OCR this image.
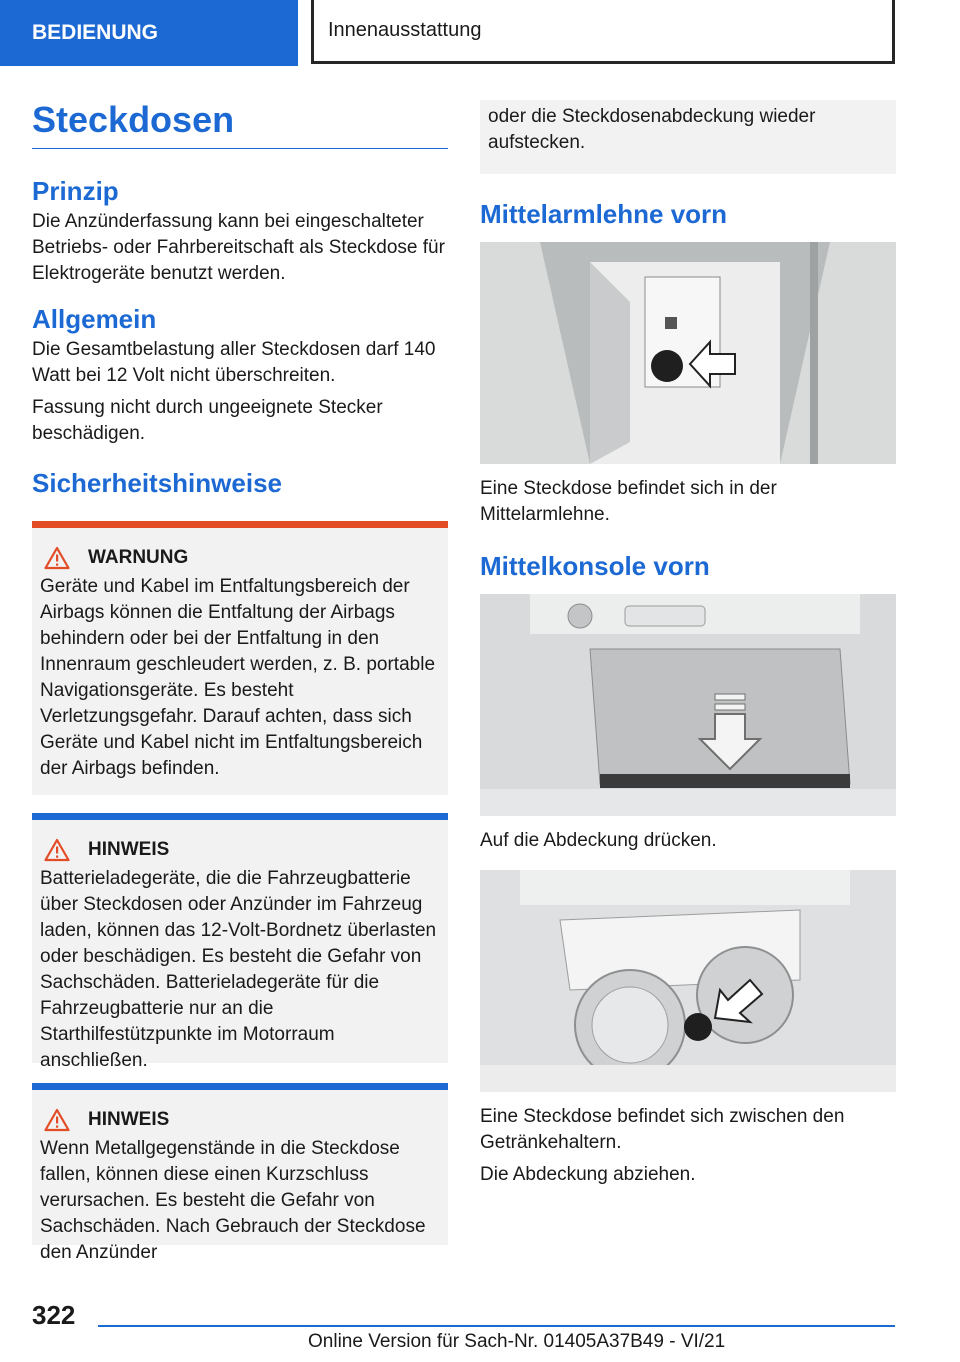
BEDIENUNG	Innenausstattung
Steckdosen
Prinzip

Die Anzünderfassung kann bei eingeschalteter Betriebs- oder Fahrbereitschaft als Steckdose für Elektrogeräte benutzt werden.

Allgemein

Die Gesamtbelastung aller Steckdosen darf 140 Watt bei 12 Volt nicht überschreiten.

Fassung nicht durch ungeeignete Stecker beschädigen.

Sicherheitshinweise
WARNUNG

Geräte und Kabel im Entfaltungsbereich der Airbags können die Entfaltung der Airbags behindern oder bei der Entfaltung in den Innenraum geschleudert werden, z. B. portable Navigationsgeräte. Es besteht Verletzungsgefahr. Darauf achten, dass sich Geräte und Kabel nicht im Entfaltungsbereich der Airbags befinden.

HINWEIS

Batterieladegeräte, die die Fahrzeugbatterie über Steckdosen oder Anzünder im Fahrzeug laden, können das 12-Volt-Bordnetz überlasten oder beschädigen. Es besteht die Gefahr von Sachschäden. Batterieladegeräte für die Fahrzeugbatterie nur an die Starthilfestützpunkte im Motorraum anschließen.

HINWEIS

Wenn Metallgegenstände in die Steckdose fallen, können diese einen Kurzschluss verursachen. Es besteht die Gefahr von Sachschäden. Nach Gebrauch der Steckdose den Anzünder

oder die Steckdosenabdeckung wieder aufstecken.

Mittelarmlehne vorn

Eine Steckdose befindet sich in der Mittelarmlehne.

Mittelkonsole vorn

Auf die Abdeckung drücken.

Eine Steckdose befindet sich zwischen den Getränkehaltern.

Die Abdeckung abziehen.

322
Online Version für Sach-Nr. 01405A37B49 - VI/21
